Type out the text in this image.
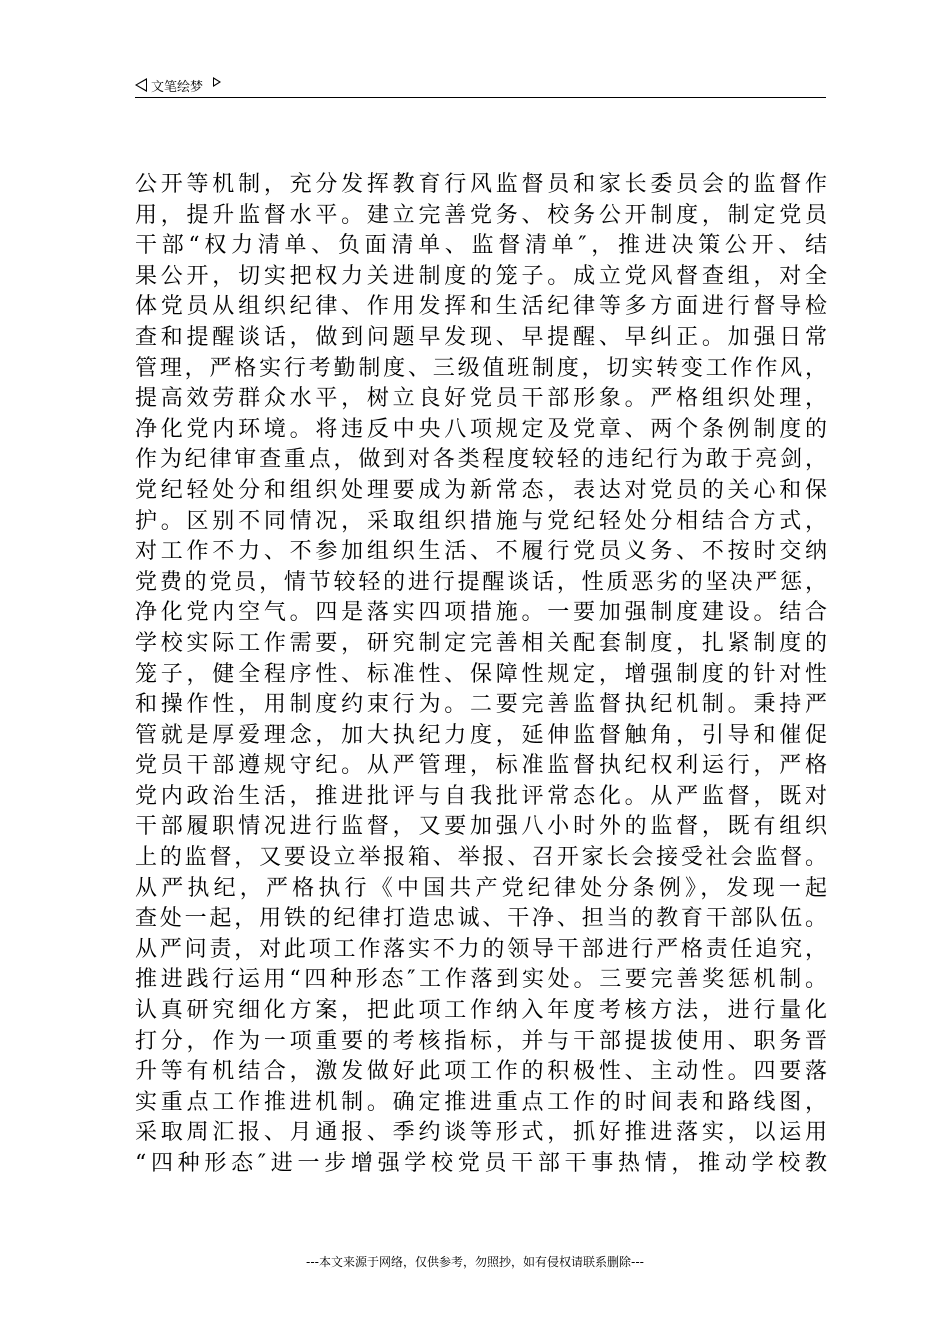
文笔绘梦
公开等机制，充分发挥教育行风监督员和家长委员会的监督作
用，提升监督水平。建立完善党务、校务公开制度，制定党员
干部“权力清单、负面清单、监督清单″，推进决策公开、结
果公开，切实把权力关进制度的笼子。成立党风督查组，对全
体党员从组织纪律、作用发挥和生活纪律等多方面进行督导检
查和提醒谈话，做到问题早发现、早提醒、早纠正。加强日常
管理，严格实行考勤制度、三级值班制度，切实转变工作作风，
提高效劳群众水平，树立良好党员干部形象。严格组织处理，
净化党内环境。将违反中央八项规定及党章、两个条例制度的
作为纪律审查重点，做到对各类程度较轻的违纪行为敢于亮剑，
党纪轻处分和组织处理要成为新常态，表达对党员的关心和保
护。区别不同情况，采取组织措施与党纪轻处分相结合方式，
对工作不力、不参加组织生活、不履行党员义务、不按时交纳
党费的党员，情节较轻的进行提醒谈话，性质恶劣的坚决严惩，
净化党内空气。四是落实四项措施。一要加强制度建设。结合
学校实际工作需要，研究制定完善相关配套制度，扎紧制度的
笼子，健全程序性、标准性、保障性规定，增强制度的针对性
和操作性，用制度约束行为。二要完善监督执纪机制。秉持严
管就是厚爱理念，加大执纪力度，延伸监督触角，引导和催促
党员干部遵规守纪。从严管理，标准监督执纪权利运行，严格
党内政治生活，推进批评与自我批评常态化。从严监督，既对
干部履职情况进行监督，又要加强八小时外的监督，既有组织
上的监督，又要设立举报箱、举报、召开家长会接受社会监督。
从严执纪，严格执行《中国共产党纪律处分条例》，发现一起
查处一起，用铁的纪律打造忠诚、干净、担当的教育干部队伍。
从严问责，对此项工作落实不力的领导干部进行严格责任追究，
推进践行运用“四种形态″工作落到实处。三要完善奖惩机制。
认真研究细化方案，把此项工作纳入年度考核方法，进行量化
打分，作为一项重要的考核指标，并与干部提拔使用、职务晋
升等有机结合，激发做好此项工作的积极性、主动性。四要落
实重点工作推进机制。确定推进重点工作的时间表和路线图，
采取周汇报、月通报、季约谈等形式，抓好推进落实，以运用
“四种形态″进一步增强学校党员干部干事热情，推动学校教
---本文来源于网络，仅供参考，勿照抄，如有侵权请联系删除---
